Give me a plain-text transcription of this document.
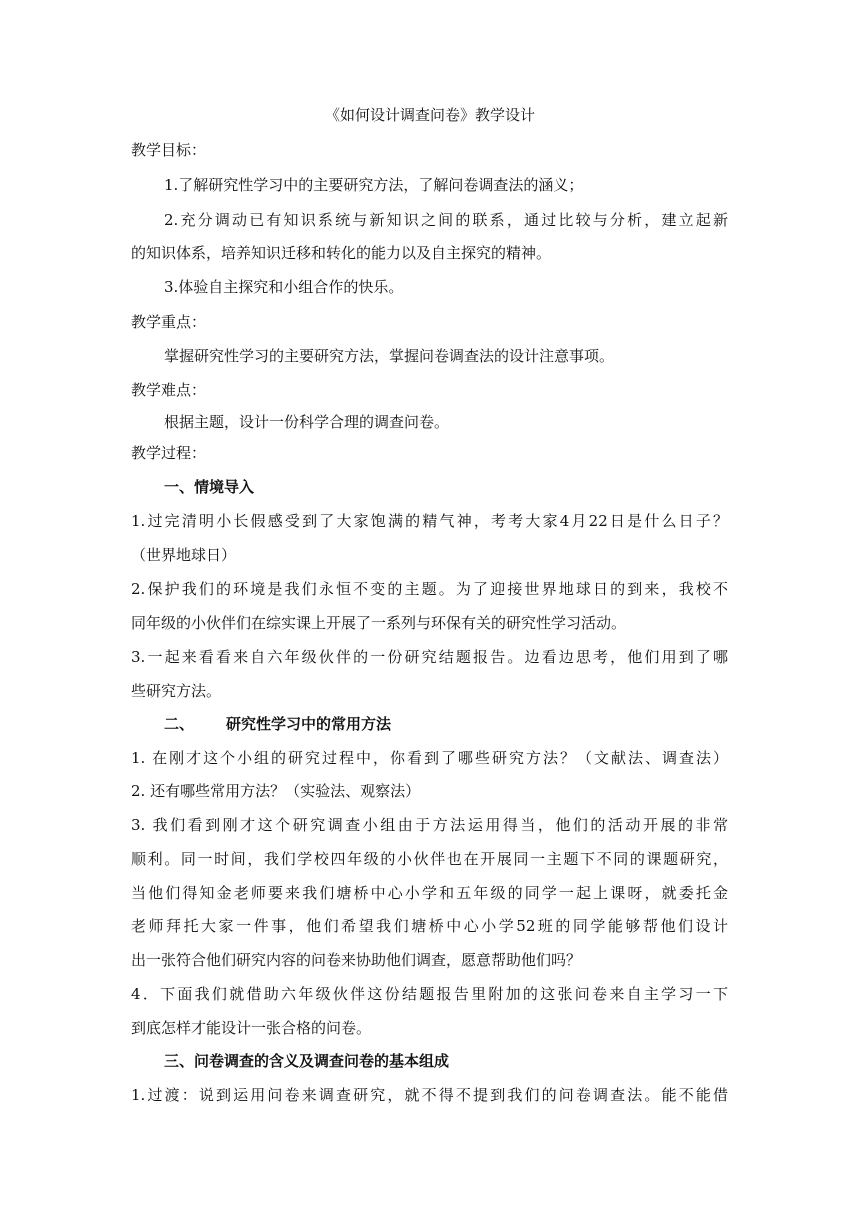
《如何设计调查问卷》教学设计
教学目标：
1.了解研究性学习中的主要研究方法，了解问卷调查法的涵义；
2.充分调动已有知识系统与新知识之间的联系，通过比较与分析，建立起新
的知识体系，培养知识迁移和转化的能力以及自主探究的精神。
3.体验自主探究和小组合作的快乐。
教学重点：
掌握研究性学习的主要研究方法，掌握问卷调查法的设计注意事项。
教学难点：
根据主题，设计一份科学合理的调查问卷。
教学过程：
一、情境导入
1.过完清明小长假感受到了大家饱满的精气神，考考大家4月22日是什么日子？
（世界地球日）
2.保护我们的环境是我们永恒不变的主题。为了迎接世界地球日的到来，我校不
同年级的小伙伴们在综实课上开展了一系列与环保有关的研究性学习活动。
3.一起来看看来自六年级伙伴的一份研究结题报告。边看边思考，他们用到了哪
些研究方法。
二、 研究性学习中的常用方法
1. 在刚才这个小组的研究过程中，你看到了哪些研究方法？（文献法、调查法）
2. 还有哪些常用方法？（实验法、观察法）
3. 我们看到刚才这个研究调查小组由于方法运用得当，他们的活动开展的非常
顺利。同一时间，我们学校四年级的小伙伴也在开展同一主题下不同的课题研究，
当他们得知金老师要来我们塘桥中心小学和五年级的同学一起上课呀，就委托金
老师拜托大家一件事，他们希望我们塘桥中心小学52班的同学能够帮他们设计
出一张符合他们研究内容的问卷来协助他们调查，愿意帮助他们吗？
4．下面我们就借助六年级伙伴这份结题报告里附加的这张问卷来自主学习一下
到底怎样才能设计一张合格的问卷。
三、问卷调查的含义及调查问卷的基本组成
1.过渡：说到运用问卷来调查研究，就不得不提到我们的问卷调查法。能不能借
